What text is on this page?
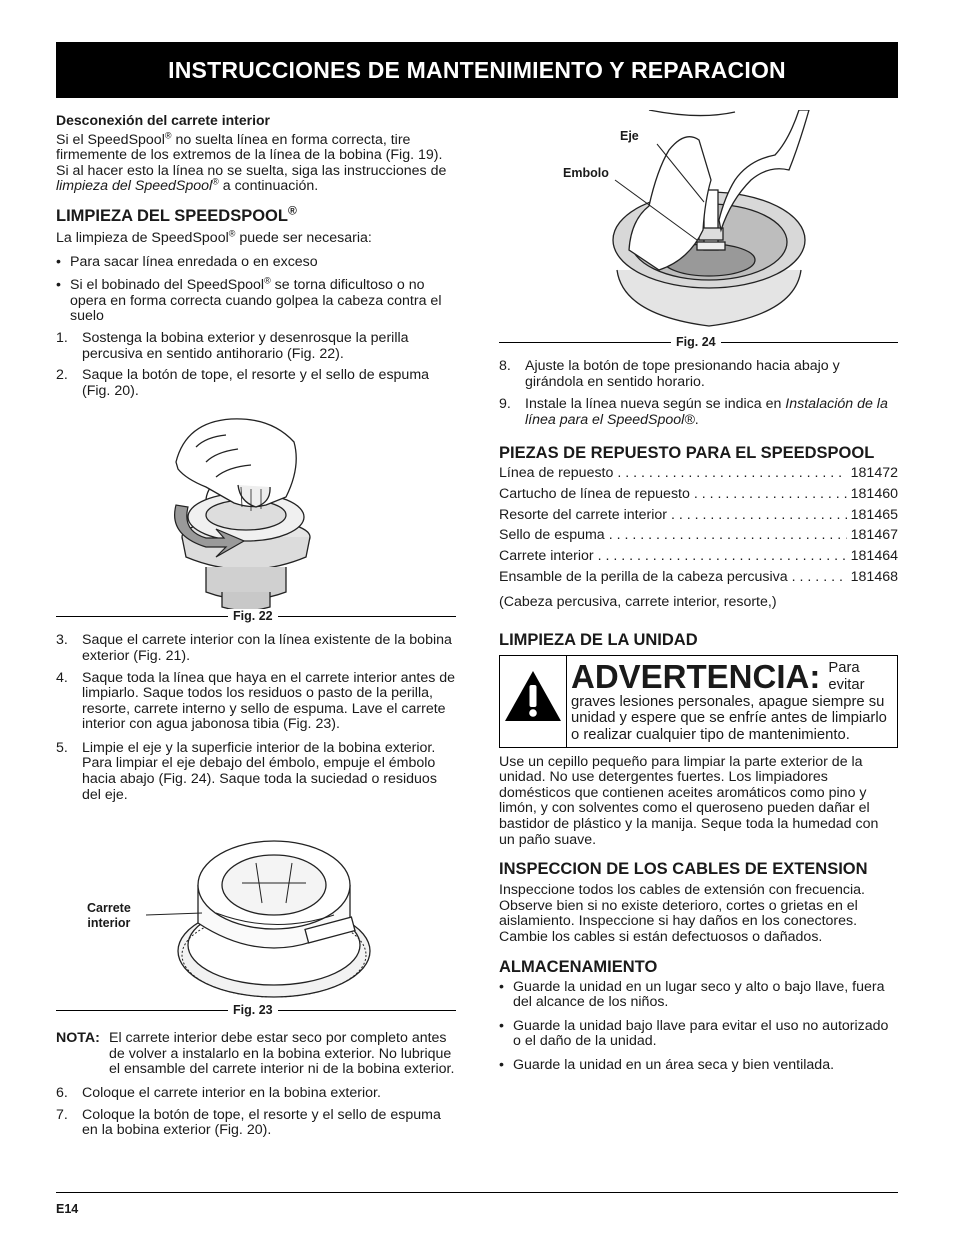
INSTRUCCIONES DE MANTENIMIENTO Y REPARACION

Desconexión del carrete interior

Si el SpeedSpool® no suelta línea en forma correcta, tire firmemente de los extremos de la línea de la bobina (Fig. 19). Si al hacer esto la línea no se suelta, siga las instrucciones de limpieza del SpeedSpool® a continuación.

LIMPIEZA DEL SPEEDSPOOL®

La limpieza de SpeedSpool® puede ser necesaria:

• Para sacar línea enredada o en exceso
• Si el bobinado del SpeedSpool® se torna dificultoso o no opera en forma correcta cuando golpea la cabeza contra el suelo
1. Sostenga la bobina exterior y desenrosque la perilla percusiva en sentido antihorario (Fig. 22).
2. Saque la botón de tope, el resorte y el sello de espuma (Fig. 20).
Fig. 22
3. Saque el carrete interior con la línea existente de la bobina exterior (Fig. 21).
4. Saque toda la línea que haya en el carrete interior antes de limpiarlo. Saque todos los residuos o pasto de la perilla, resorte, carrete interno y sello de espuma. Lave el carrete interior con agua jabonosa tibia (Fig. 23).
5. Limpie el eje y la superficie interior de la bobina exterior. Para limpiar el eje debajo del émbolo, empuje el émbolo hacia abajo (Fig. 24). Saque toda la suciedad o residuos del eje.
Carrete
interior
Fig. 23
NOTA: El carrete interior debe estar seco por completo antes de volver a instalarlo en la bobina exterior. No lubrique el ensamble del carrete interior ni de la bobina exterior.
6. Coloque el carrete interior en la bobina exterior.
7. Coloque la botón de tope, el resorte y el sello de espuma en la bobina exterior (Fig. 20).
Eje
Embolo
Fig. 24
8. Ajuste la botón de tope presionando hacia abajo y girándola en sentido horario.
9. Instale la línea nueva según se indica en Instalación de la línea para el SpeedSpool®.

PIEZAS DE REPUESTO PARA EL SPEEDSPOOL

Línea de repuesto . . .	181472
Cartucho de línea de repuesto . . .	181460
Resorte del carrete interior . . .	181465
Sello de espuma . . .	181467
Carrete interior . . .	181464
Ensamble de la perilla de la cabeza percusiva . . .	181468

(Cabeza percusiva, carrete interior, resorte,)

LIMPIEZA DE LA UNIDAD

ADVERTENCIA: Para evitar graves lesiones personales, apague siempre su unidad y espere que se enfríe antes de limpiarlo o realizar cualquier tipo de mantenimiento.

Use un cepillo pequeño para limpiar la parte exterior de la unidad. No use detergentes fuertes. Los limpiadores domésticos que contienen aceites aromáticos como pino y limón, y con solventes como el queroseno pueden dañar el bastidor de plástico y la manija. Seque toda la humedad con un paño suave.

INSPECCION DE LOS CABLES DE EXTENSION

Inspeccione todos los cables de extensión con frecuencia. Observe bien si no existe deterioro, cortes o grietas en el aislamiento. Inspeccione si hay daños en los conectores. Cambie los cables si están defectuosos o dañados.

ALMACENAMIENTO

• Guarde la unidad en un lugar seco y alto o bajo llave, fuera del alcance de los niños.
• Guarde la unidad bajo llave para evitar el uso no autorizado o el daño de la unidad.
• Guarde la unidad en un área seca y bien ventilada.
E14
